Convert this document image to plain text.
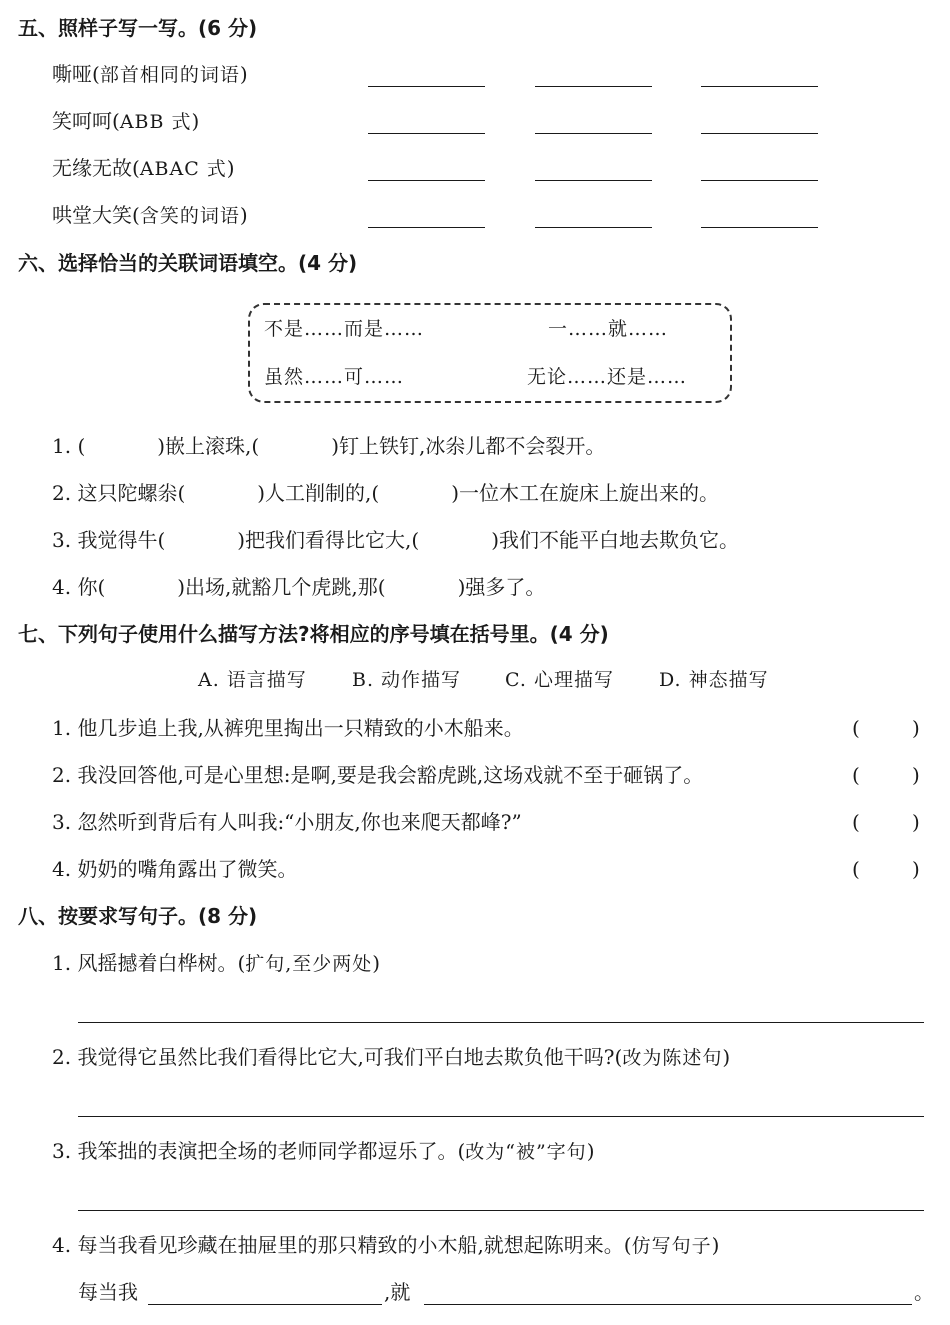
五、照样子写一写。(6 分)
嘶哑(部首相同的词语)
笑呵呵(ABB 式)
无缘无故(ABAC 式)
哄堂大笑(含笑的词语)
六、选择恰当的关联词语填空。(4 分)
不是……而是……	一……就……
虽然……可……	无论……还是……
1. (	)嵌上滚珠,(	)钉上铁钉,冰尜儿都不会裂开。
2. 这只陀螺尜(	)人工削制的,(	)一位木工在旋床上旋出来的。
3. 我觉得牛(	)把我们看得比它大,(	)我们不能平白地去欺负它。
4. 你(	)出场,就豁几个虎跳,那(	)强多了。
七、下列句子使用什么描写方法?将相应的序号填在括号里。(4 分)
A. 语言描写 B. 动作描写 C. 心理描写 D. 神态描写
1. 他几步追上我,从裤兜里掏出一只精致的小木船来。	(	)
2. 我没回答他,可是心里想:是啊,要是我会豁虎跳,这场戏就不至于砸锅了。	(	)
3. 忽然听到背后有人叫我:“小朋友,你也来爬天都峰?”	(	)
4. 奶奶的嘴角露出了微笑。	(	)
八、按要求写句子。(8 分)
1. 风摇撼着白桦树。(扩句,至少两处)
2. 我觉得它虽然比我们看得比它大,可我们平白地去欺负他干吗?(改为陈述句)
3. 我笨拙的表演把全场的老师同学都逗乐了。(改为“被”字句)
4. 每当我看见珍藏在抽屉里的那只精致的小木船,就想起陈明来。(仿写句子)
每当我	,就	。
